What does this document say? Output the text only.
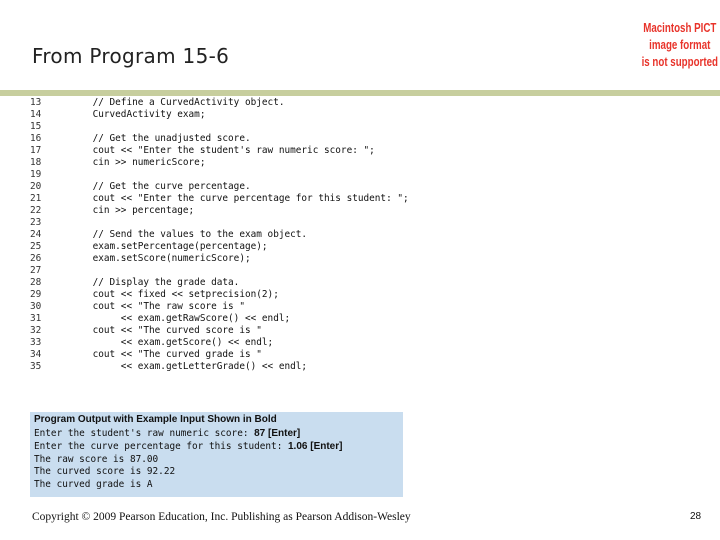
From Program 15-6
Macintosh PICT
image format
is not supported
13	// Define a CurvedActivity object.
14	CurvedActivity exam;
15
16	// Get the unadjusted score.
17	cout << "Enter the student's raw numeric score: ";
18	cin >> numericScore;
19
20	// Get the curve percentage.
21	cout << "Enter the curve percentage for this student: ";
22	cin >> percentage;
23
24	// Send the values to the exam object.
25	exam.setPercentage(percentage);
26	exam.setScore(numericScore);
27
28	// Display the grade data.
29	cout << fixed << setprecision(2);
30	cout << "The raw score is "
31	<< exam.getRawScore() << endl;
32	cout << "The curved score is "
33	<< exam.getScore() << endl;
34	cout << "The curved grade is "
35	<< exam.getLetterGrade() << endl;
Program Output with Example Input Shown in Bold
Enter the student's raw numeric score: 87 [Enter]
Enter the curve percentage for this student: 1.06 [Enter]
The raw score is 87.00
The curved score is 92.22
The curved grade is A
Copyright © 2009 Pearson Education, Inc. Publishing as Pearson Addison-Wesley	28
